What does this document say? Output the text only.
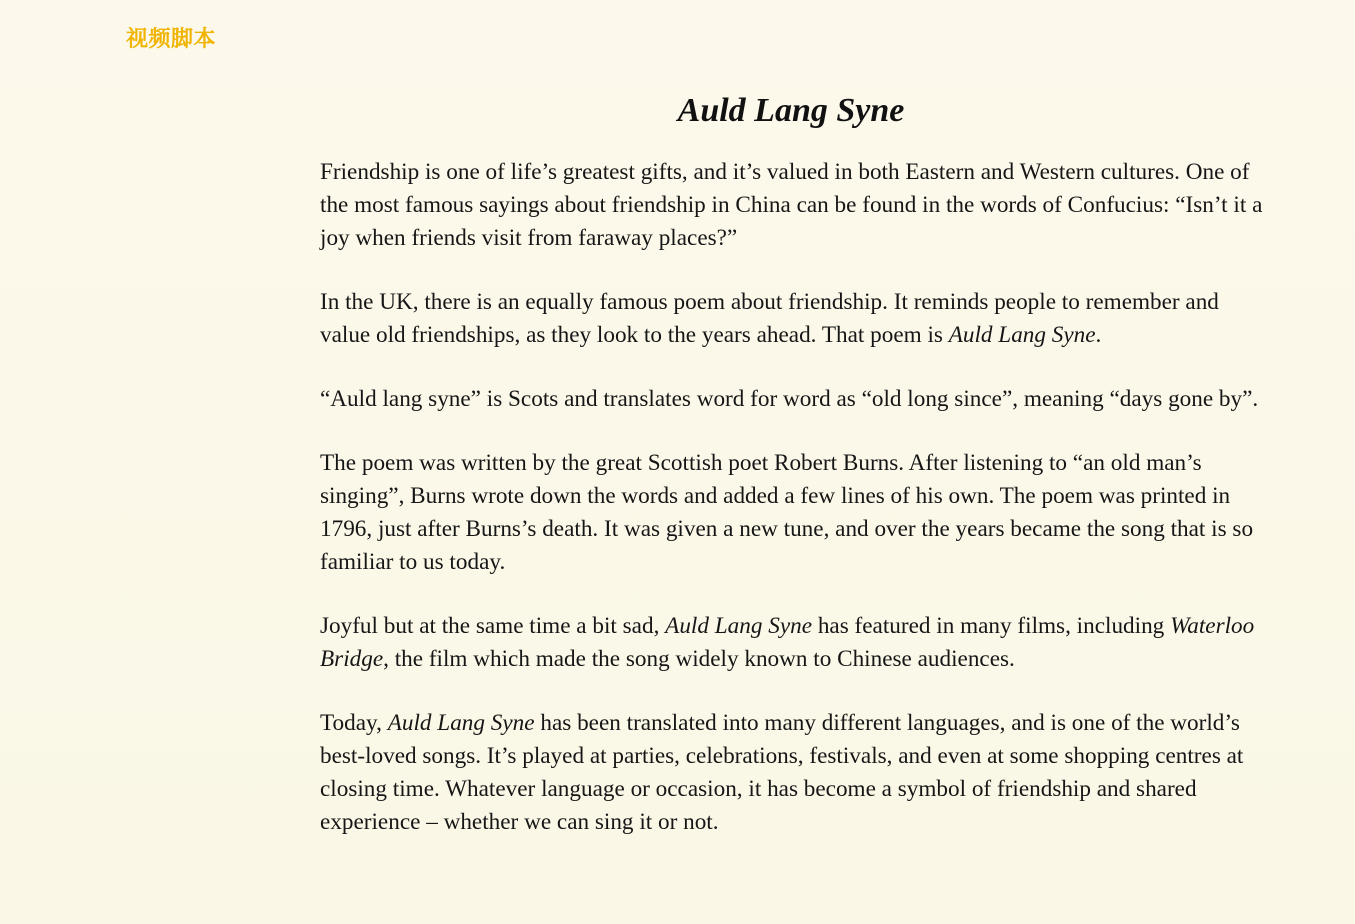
视频脚本
Auld Lang Syne

Friendship is one of life’s greatest gifts, and it’s valued in both Eastern and Western cultures. One of the most famous sayings about friendship in China can be found in the words of Confucius: “Isn’t it a joy when friends visit from faraway places?”

In the UK, there is an equally famous poem about friendship. It reminds people to remember and value old friendships, as they look to the years ahead. That poem is Auld Lang Syne.

“Auld lang syne” is Scots and translates word for word as “old long since”, meaning “days gone by”.

The poem was written by the great Scottish poet Robert Burns. After listening to “an old man’s singing”, Burns wrote down the words and added a few lines of his own. The poem was printed in 1796, just after Burns’s death. It was given a new tune, and over the years became the song that is so familiar to us today.

Joyful but at the same time a bit sad, Auld Lang Syne has featured in many films, including Waterloo Bridge, the film which made the song widely known to Chinese audiences.

Today, Auld Lang Syne has been translated into many different languages, and is one of the world’s best-loved songs. It’s played at parties, celebrations, festivals, and even at some shopping centres at closing time. Whatever language or occasion, it has become a symbol of friendship and shared experience – whether we can sing it or not.
